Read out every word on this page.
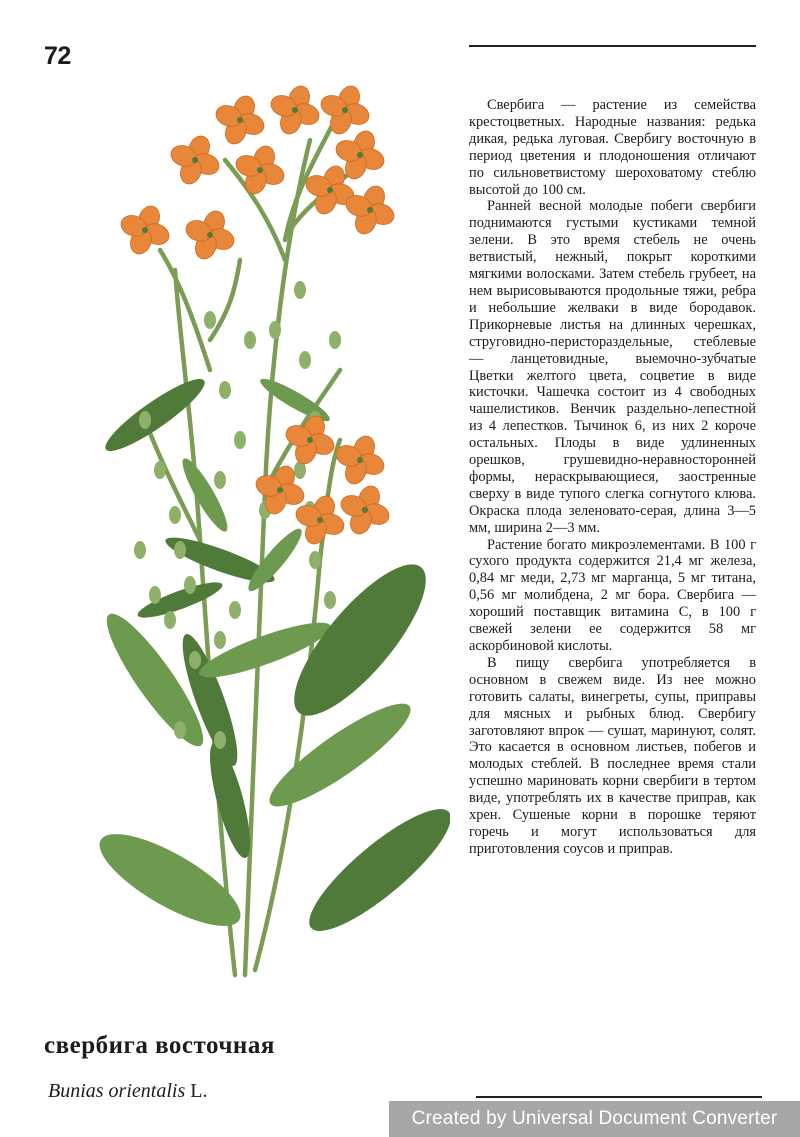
72

Свербига — растение из семейства крестоцветных. Народные названия: редька дикая, редька луговая. Свербигу восточную в период цветения и плодоношения отличают по сильноветвистому шероховатому стеблю высотой до 100 см.

Ранней весной молодые побеги свербиги поднимаются густыми кустиками темной зелени. В это время стебель не очень ветвистый, нежный, покрыт короткими мягкими волосками. Затем стебель грубеет, на нем вырисовываются продольные тяжи, ребра и небольшие желваки в виде бородавок. Прикорневые листья на длинных черешках, струговидно-перисторaздельные, стеблевые — ланцетовидные, выемочно-зубчатые Цветки желтого цвета, соцветие в виде кисточки. Чашечка состоит из 4 свободных чашелистиков. Венчик раздельно-лепестной из 4 лепестков. Тычинок 6, из них 2 короче остальных. Плоды в виде удлиненных орешков, грушевидно-неравносторонней формы, нераскрывающиеся, заостренные сверху в виде тупого слегка согнутого клюва. Окраска плода зеленовато-серая, длина 3—5 мм, ширина 2—3 мм.

Растение богато микроэлементами. В 100 г сухого продукта содержится 21,4 мг железа, 0,84 мг меди, 2,73 мг марганца, 5 мг титана, 0,56 мг молибдена, 2 мг бора. Свербига — хороший поставщик витамина С, в 100 г свежей зелени ее содержится 58 мг аскорбиновой кислоты.

В пищу свербига употребляется в основном в свежем виде. Из нее можно готовить салаты, винегреты, супы, приправы для мясных и рыбных блюд. Свербигу заготовляют впрок — сушат, маринуют, солят. Это касается в основном листьев, побегов и молодых стеблей. В последнее время стали успешно мариновать корни свербиги в тертом виде, употреблять их в качестве приправ, как хрен. Сушеные корни в порошке теряют горечь и могут использоваться для приготовления соусов и приправ.

свербига восточная
Bunias orientalis L.
Created by Universal Document Converter
